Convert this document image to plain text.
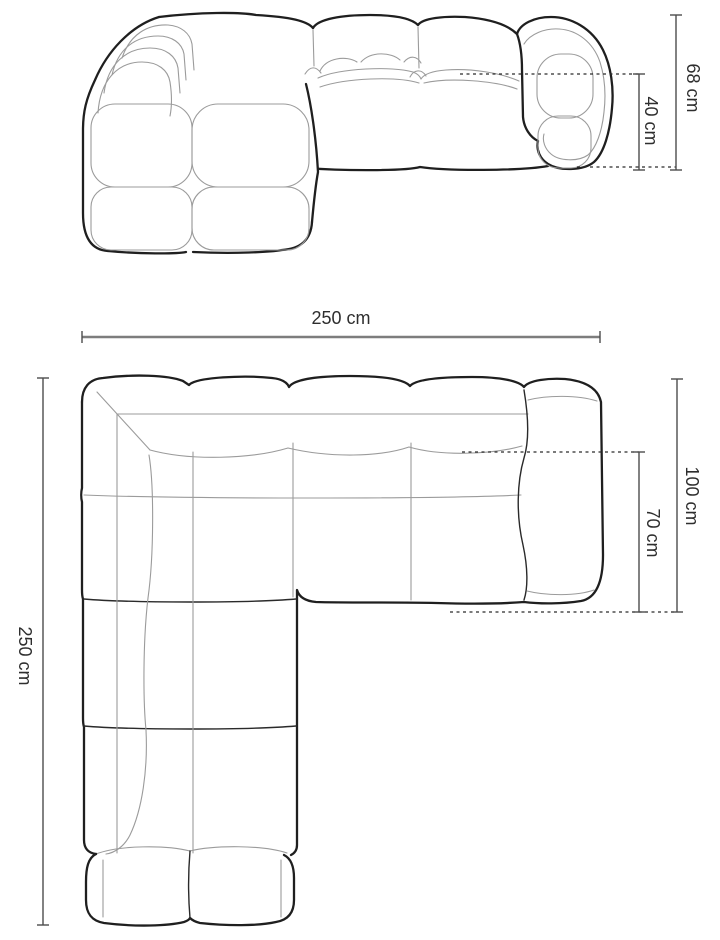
68 cm
40 cm
250 cm
250 cm
100 cm
70 cm
